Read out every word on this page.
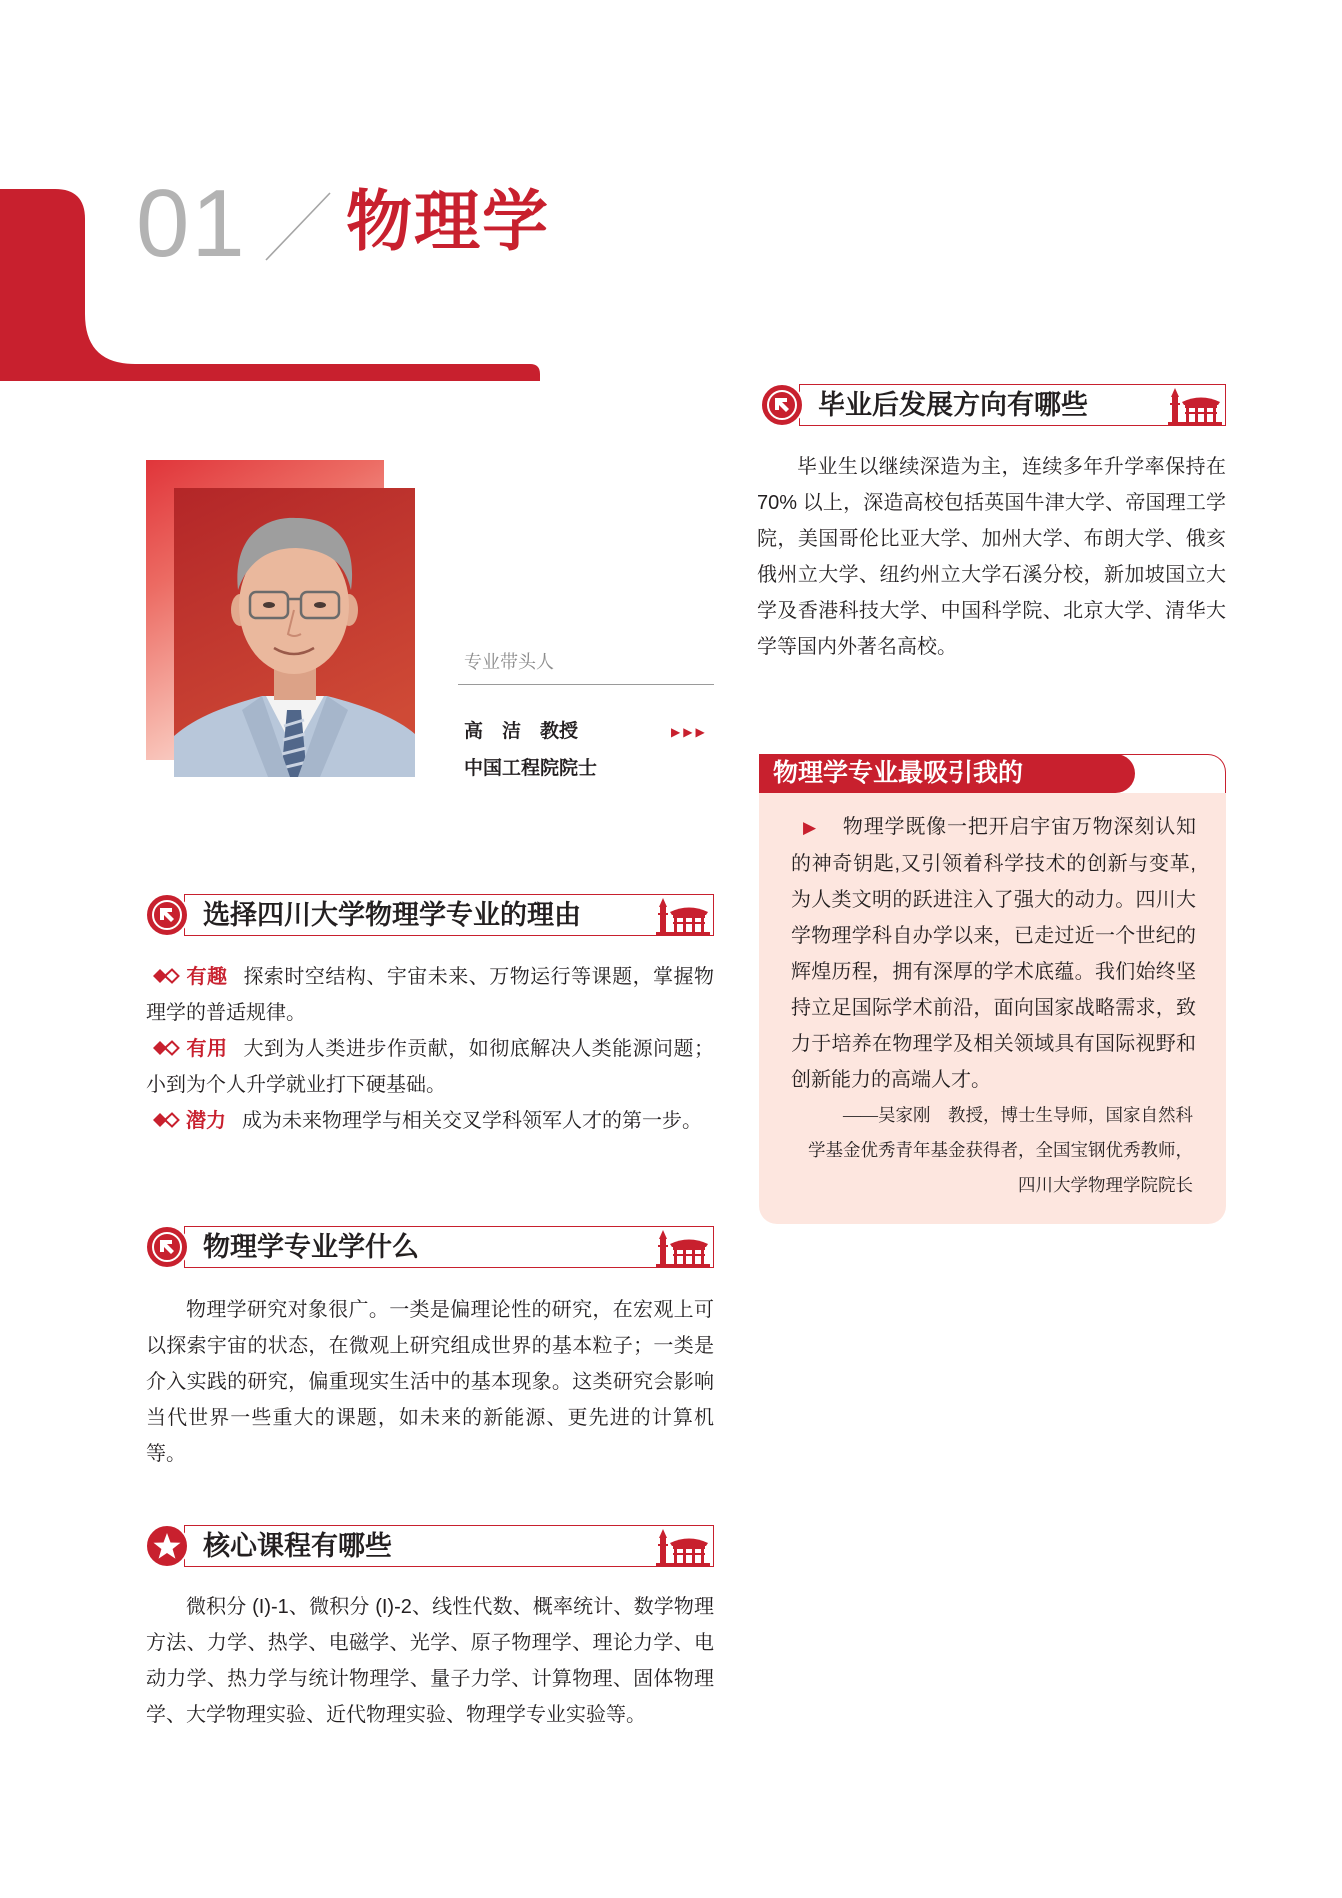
01 物理学
专业带头人
高　洁　教授	▶▶▶
中国工程院院士
毕业后发展方向有哪些

毕业生以继续深造为主，连续多年升学率保持在70% 以上，深造高校包括英国牛津大学、帝国理工学院，美国哥伦比亚大学、加州大学、布朗大学、俄亥俄州立大学、纽约州立大学石溪分校，新加坡国立大学及香港科技大学、中国科学院、北京大学、清华大学等国内外著名高校。

物理学专业最吸引我的

▶ 物理学既像一把开启宇宙万物深刻认知的神奇钥匙,又引领着科学技术的创新与变革,为人类文明的跃进注入了强大的动力。四川大学物理学科自办学以来，已走过近一个世纪的辉煌历程，拥有深厚的学术底蕴。我们始终坚持立足国际学术前沿，面向国家战略需求，致力于培养在物理学及相关领域具有国际视野和创新能力的高端人才。

——吴家刚　教授，博士生导师，国家自然科
学基金优秀青年基金获得者，全国宝钢优秀教师，
四川大学物理学院院长

选择四川大学物理学专业的理由

有趣 探索时空结构、宇宙未来、万物运行等课题，掌握物理学的普适规律。

有用 大到为人类进步作贡献，如彻底解决人类能源问题；小到为个人升学就业打下硬基础。

潜力 成为未来物理学与相关交叉学科领军人才的第一步。

物理学专业学什么

物理学研究对象很广。一类是偏理论性的研究，在宏观上可以探索宇宙的状态，在微观上研究组成世界的基本粒子；一类是介入实践的研究，偏重现实生活中的基本现象。这类研究会影响当代世界一些重大的课题，如未来的新能源、更先进的计算机等。

核心课程有哪些

微积分 (I)-1、微积分 (I)-2、线性代数、概率统计、数学物理方法、力学、热学、电磁学、光学、原子物理学、理论力学、电动力学、热力学与统计物理学、量子力学、计算物理、固体物理学、大学物理实验、近代物理实验、物理学专业实验等。
